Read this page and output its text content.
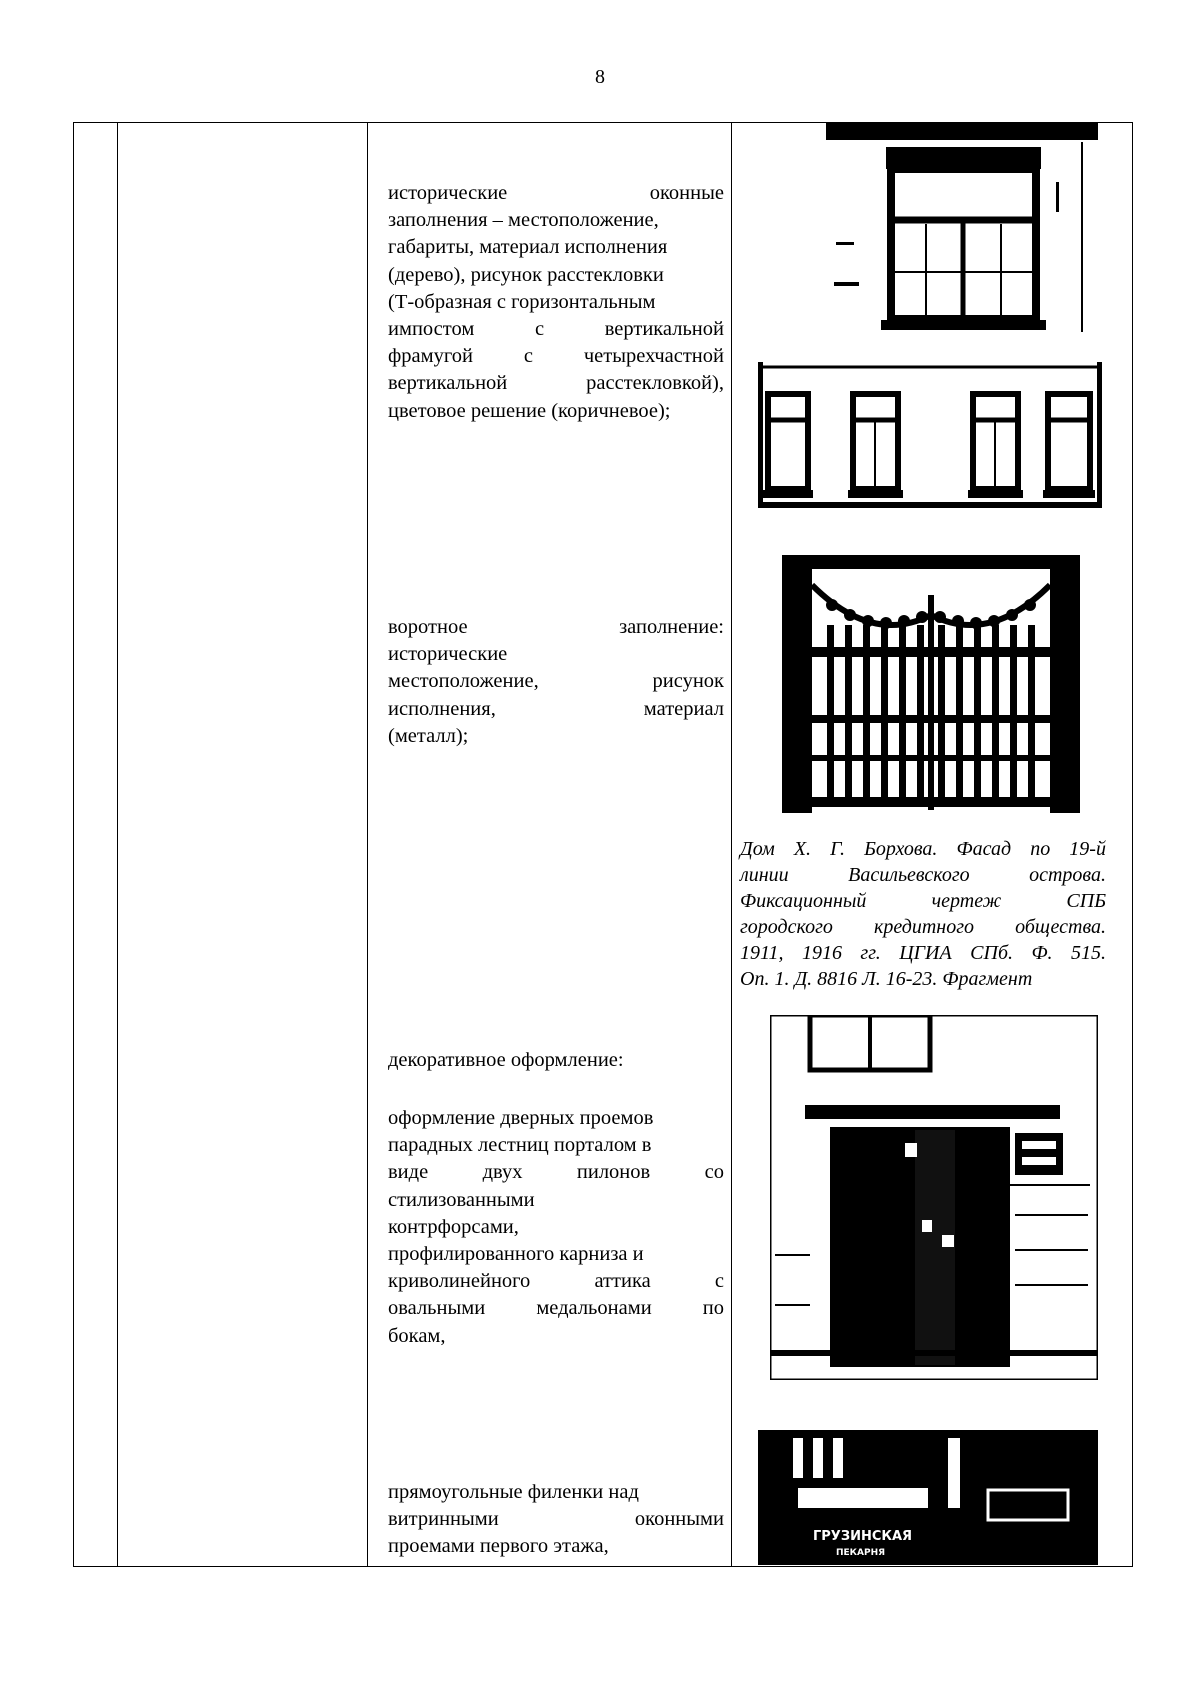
8
исторические	оконные
заполнения – местоположение,
габариты, материал исполнения
(дерево), рисунок расстекловки
(Т-образная с горизонтальным
импостом	с	вертикальной
фрамугой с четырехчастной
вертикальной	расстекловкой),
цветовое решение (коричневое);
воротное	заполнение:
исторические
местоположение,	рисунок
исполнения,	материал
(металл);
Дом Х. Г. Борхова. Фасад по 19-й
линии	Васильевского	острова.
Фиксационный	чертеж	СПБ
городского кредитного общества.
1911, 1916 гг. ЦГИА СПб. Ф. 515.
Оп. 1. Д. 8816 Л. 16-23. Фрагмент
декоративное оформление:
оформление дверных проемов
парадных лестниц порталом в
виде	двух	пилонов	со
стилизованными
контрфорсами,
профилированного карниза и
криволинейного	аттика	с
овальными медальонами по
бокам,
прямоугольные филенки над
витринными	оконными
проемами первого этажа,	ГРУЗИНСКАЯ
ПЕКАРНЯ
